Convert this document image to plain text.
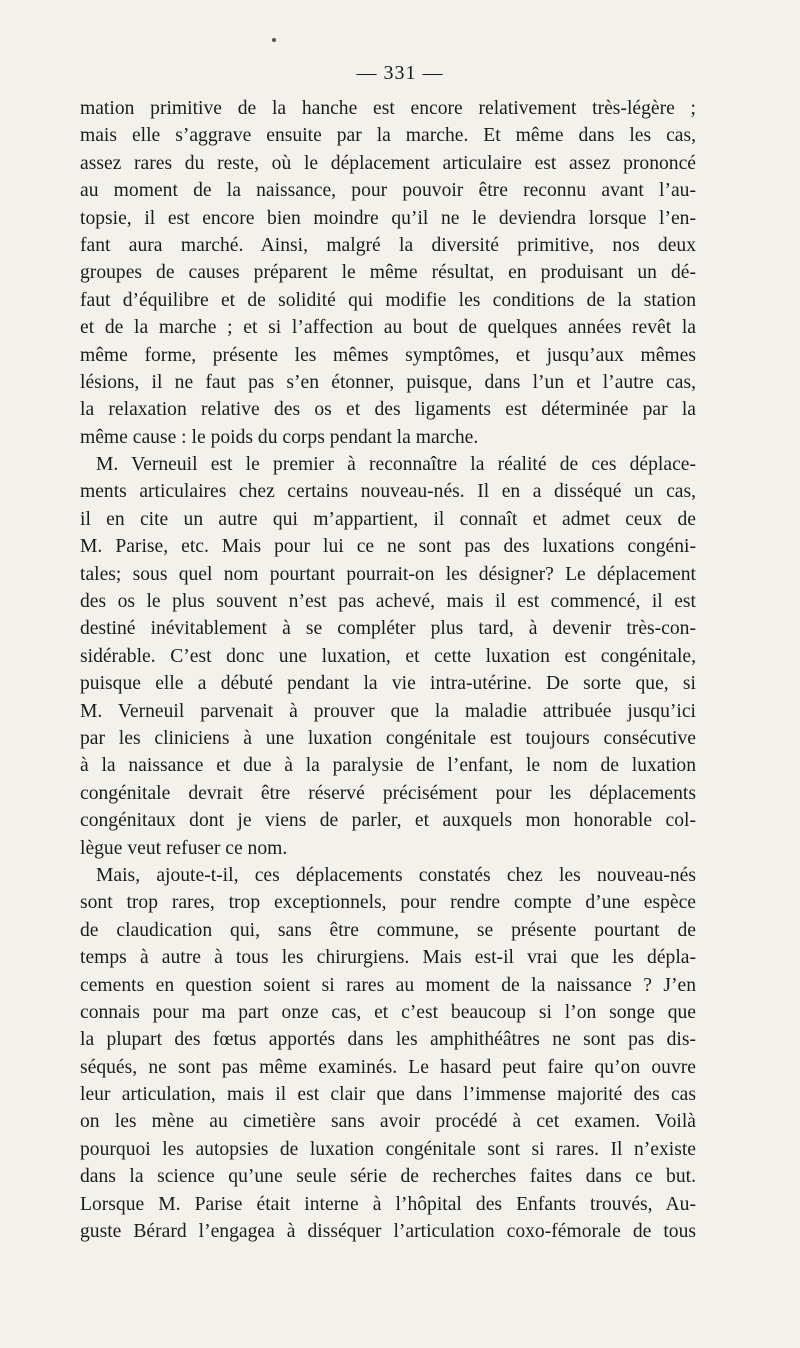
— 331 —
mation primitive de la hanche est encore relativement très-légère ;
mais elle s’aggrave ensuite par la marche. Et même dans les cas,
assez rares du reste, où le déplacement articulaire est assez prononcé
au moment de la naissance, pour pouvoir être reconnu avant l’au-
topsie, il est encore bien moindre qu’il ne le deviendra lorsque l’en-
fant aura marché. Ainsi, malgré la diversité primitive, nos deux
groupes de causes préparent le même résultat, en produisant un dé-
faut d’équilibre et de solidité qui modifie les conditions de la station
et de la marche ; et si l’affection au bout de quelques années revêt la
même forme, présente les mêmes symptômes, et jusqu’aux mêmes
lésions, il ne faut pas s’en étonner, puisque, dans l’un et l’autre cas,
la relaxation relative des os et des ligaments est déterminée par la
même cause : le poids du corps pendant la marche.
M. Verneuil est le premier à reconnaître la réalité de ces déplace-
ments articulaires chez certains nouveau-nés. Il en a disséqué un cas,
il en cite un autre qui m’appartient, il connaît et admet ceux de
M. Parise, etc. Mais pour lui ce ne sont pas des luxations congéni-
tales; sous quel nom pourtant pourrait-on les désigner? Le déplacement
des os le plus souvent n’est pas achevé, mais il est commencé, il est
destiné inévitablement à se compléter plus tard, à devenir très-con-
sidérable. C’est donc une luxation, et cette luxation est congénitale,
puisque elle a débuté pendant la vie intra-utérine. De sorte que, si
M. Verneuil parvenait à prouver que la maladie attribuée jusqu’ici
par les cliniciens à une luxation congénitale est toujours consécutive
à la naissance et due à la paralysie de l’enfant, le nom de luxation
congénitale devrait être réservé précisément pour les déplacements
congénitaux dont je viens de parler, et auxquels mon honorable col-
lègue veut refuser ce nom.
Mais, ajoute-t-il, ces déplacements constatés chez les nouveau-nés
sont trop rares, trop exceptionnels, pour rendre compte d’une espèce
de claudication qui, sans être commune, se présente pourtant de
temps à autre à tous les chirurgiens. Mais est-il vrai que les dépla-
cements en question soient si rares au moment de la naissance ? J’en
connais pour ma part onze cas, et c’est beaucoup si l’on songe que
la plupart des fœtus apportés dans les amphithéâtres ne sont pas dis-
séqués, ne sont pas même examinés. Le hasard peut faire qu’on ouvre
leur articulation, mais il est clair que dans l’immense majorité des cas
on les mène au cimetière sans avoir procédé à cet examen. Voilà
pourquoi les autopsies de luxation congénitale sont si rares. Il n’existe
dans la science qu’une seule série de recherches faites dans ce but.
Lorsque M. Parise était interne à l’hôpital des Enfants trouvés, Au-
guste Bérard l’engagea à disséquer l’articulation coxo-fémorale de tous
